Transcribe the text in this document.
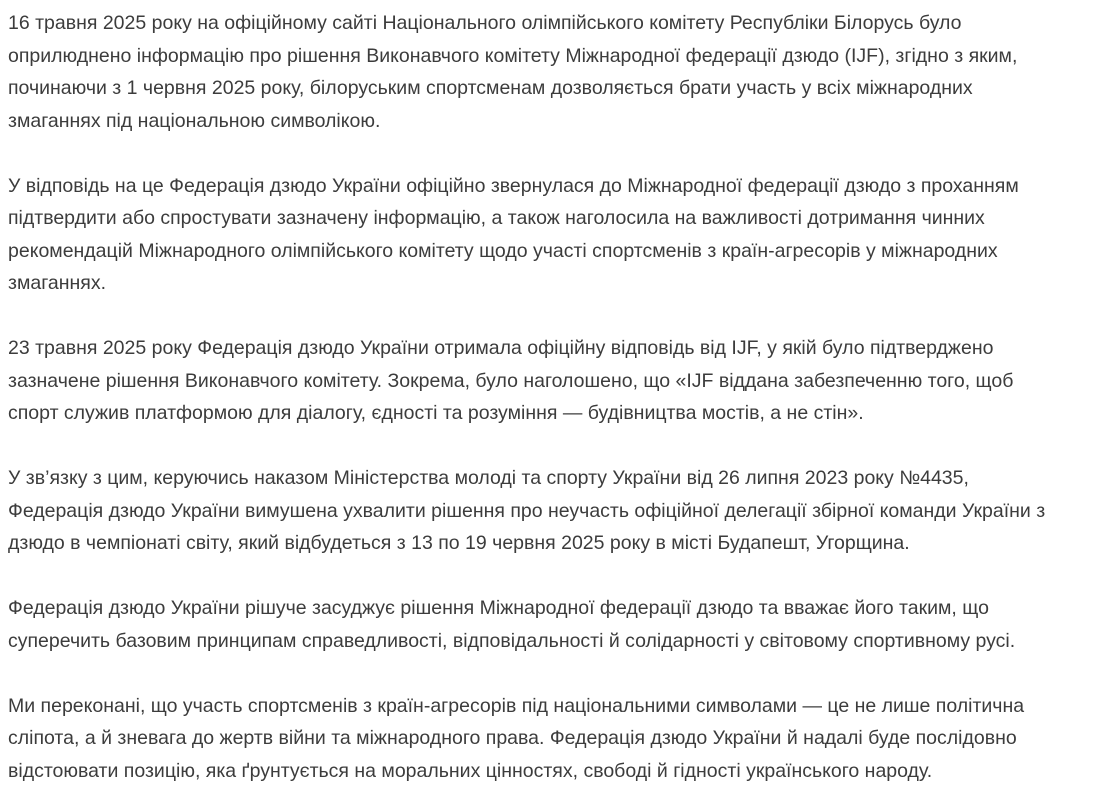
16 травня 2025 року на офіційному сайті Національного олімпійського комітету Республіки Білорусь було
оприлюднено інформацію про рішення Виконавчого комітету Міжнародної федерації дзюдо (IJF), згідно з яким,
починаючи з 1 червня 2025 року, білоруським спортсменам дозволяється брати участь у всіх міжнародних
змаганнях під національною символікою.

У відповідь на це Федерація дзюдо України офіційно звернулася до Міжнародної федерації дзюдо з проханням
підтвердити або спростувати зазначену інформацію, а також наголосила на важливості дотримання чинних
рекомендацій Міжнародного олімпійського комітету щодо участі спортсменів з країн-агресорів у міжнародних
змаганнях.

23 травня 2025 року Федерація дзюдо України отримала офіційну відповідь від IJF, у якій було підтверджено
зазначене рішення Виконавчого комітету. Зокрема, було наголошено, що «IJF віддана забезпеченню того, щоб
спорт служив платформою для діалогу, єдності та розуміння — будівництва мостів, а не стін».

У зв’язку з цим, керуючись наказом Міністерства молоді та спорту України від 26 липня 2023 року №4435,
Федерація дзюдо України вимушена ухвалити рішення про неучасть офіційної делегації збірної команди України з
дзюдо в чемпіонаті світу, який відбудеться з 13 по 19 червня 2025 року в місті Будапешт, Угорщина.

Федерація дзюдо України рішуче засуджує рішення Міжнародної федерації дзюдо та вважає його таким, що
суперечить базовим принципам справедливості, відповідальності й солідарності у світовому спортивному русі.

Ми переконані, що участь спортсменів з країн-агресорів під національними символами — це не лише політична
сліпота, а й зневага до жертв війни та міжнародного права. Федерація дзюдо України й надалі буде послідовно
відстоювати позицію, яка ґрунтується на моральних цінностях, свободі й гідності українського народу.
